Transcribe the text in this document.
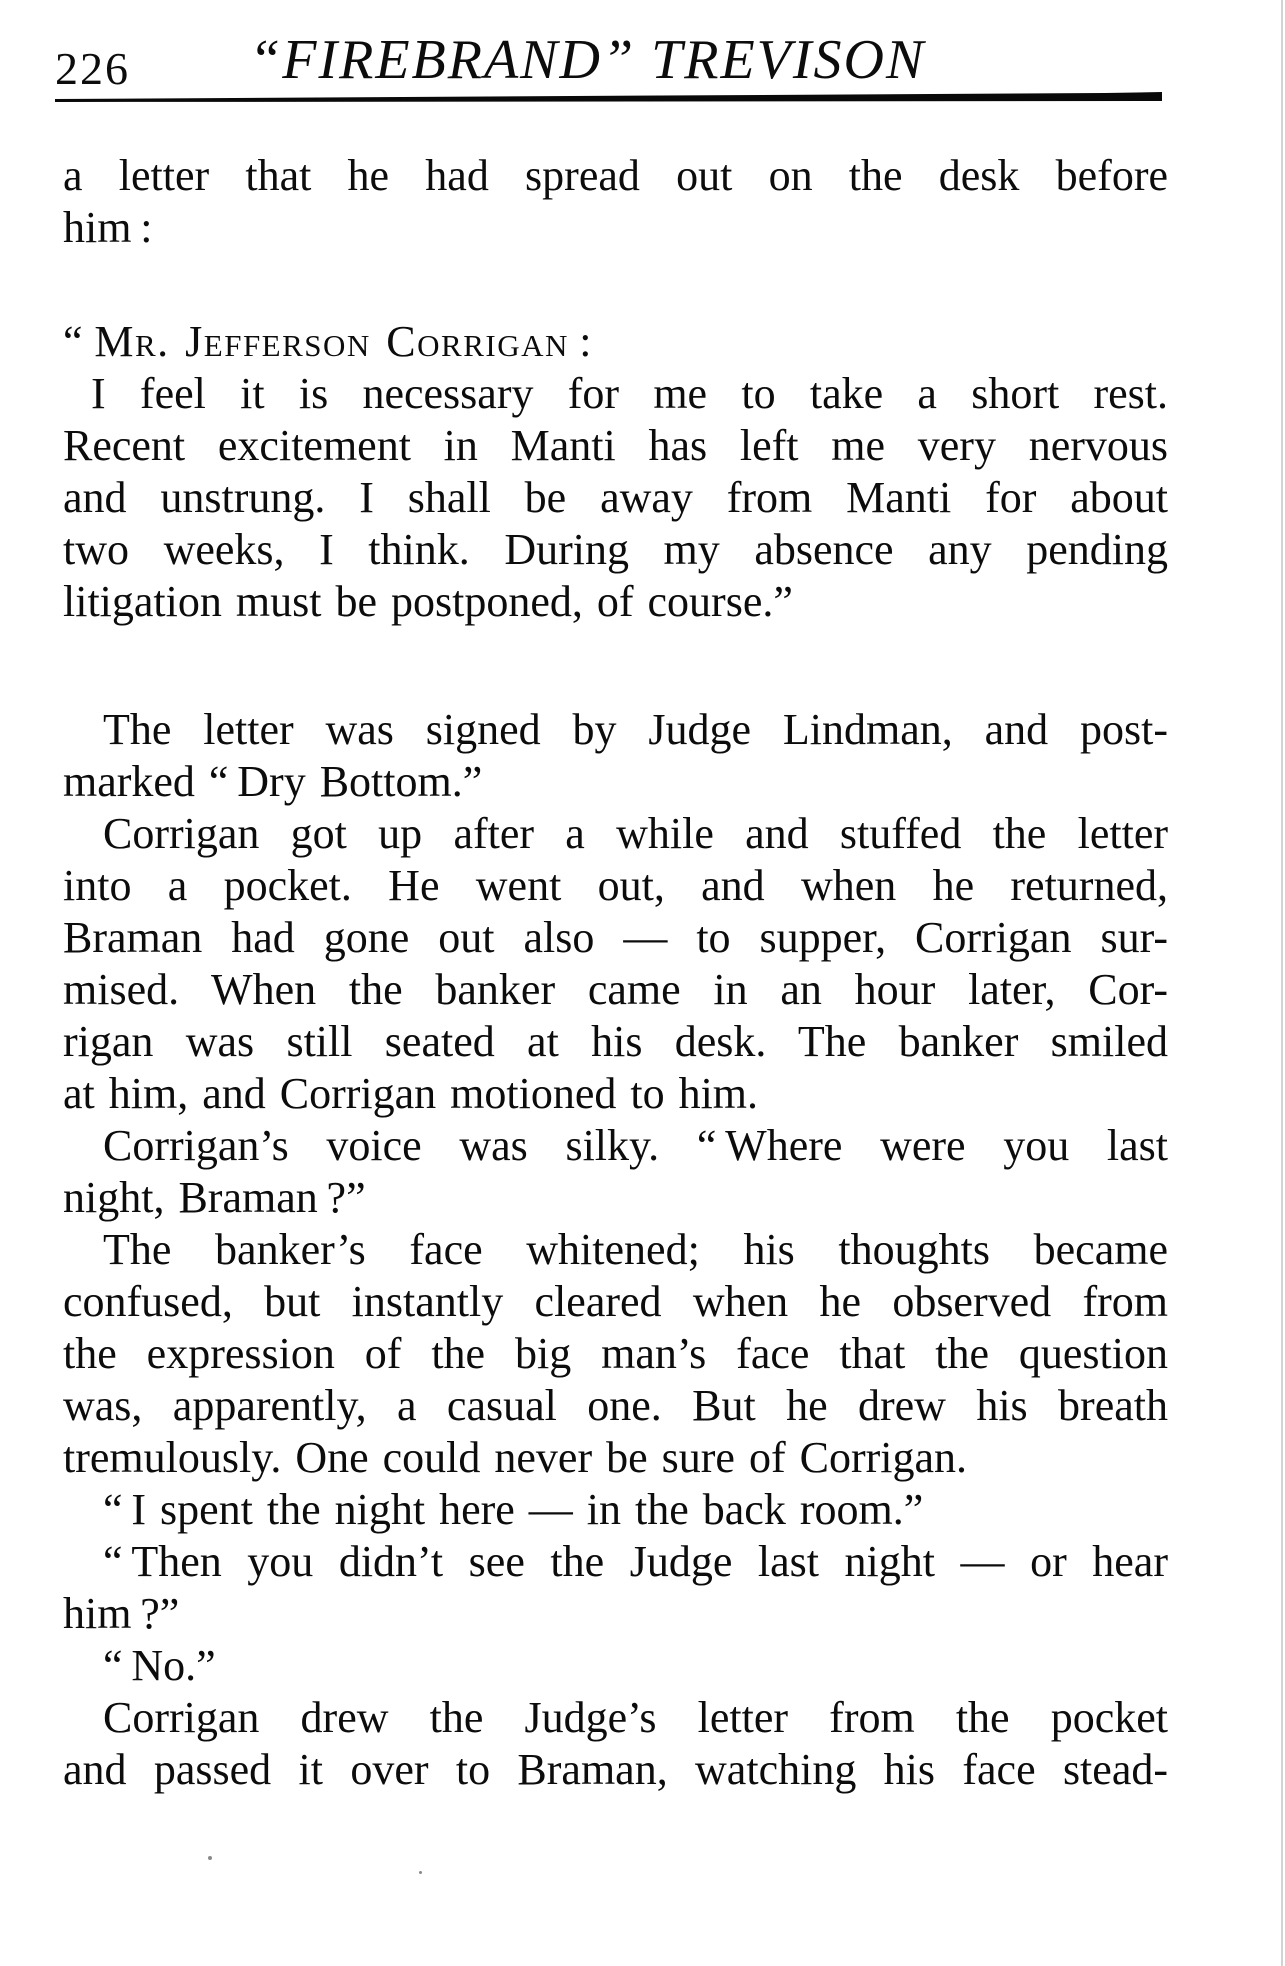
226 “FIREBRAND” TREVISON
a letter that he had spread out on the desk before
him :
“ Mr. Jefferson Corrigan :
I feel it is necessary for me to take a short rest.
Recent excitement in Manti has left me very nervous
and unstrung. I shall be away from Manti for about
two weeks, I think. During my absence any pending
litigation must be postponed, of course.”
The letter was signed by Judge Lindman, and post-
marked “ Dry Bottom.”
Corrigan got up after a while and stuffed the letter
into a pocket. He went out, and when he returned,
Braman had gone out also — to supper, Corrigan sur-
mised. When the banker came in an hour later, Cor-
rigan was still seated at his desk. The banker smiled
at him, and Corrigan motioned to him.
Corrigan’s voice was silky. “ Where were you last
night, Braman ?”
The banker’s face whitened; his thoughts became
confused, but instantly cleared when he observed from
the expression of the big man’s face that the question
was, apparently, a casual one. But he drew his breath
tremulously. One could never be sure of Corrigan.
“ I spent the night here — in the back room.”
“ Then you didn’t see the Judge last night — or hear
him ?”
“ No.”
Corrigan drew the Judge’s letter from the pocket
and passed it over to Braman, watching his face stead-
